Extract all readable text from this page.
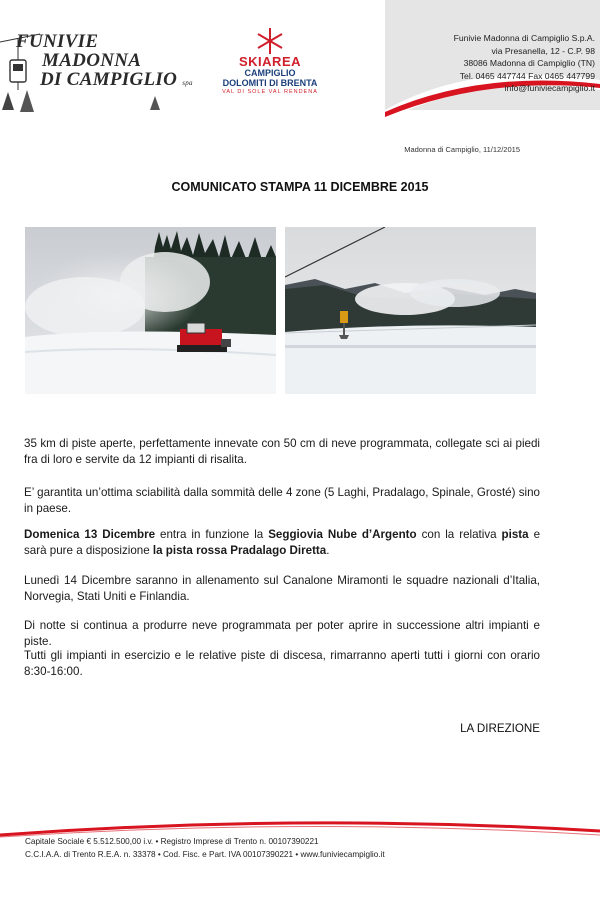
FUNIVIE
MADONNA
DI CAMPIGLIO spa
SKIAREA
CAMPIGLIO
DOLOMITI DI BRENTA
VAL DI SOLE VAL RENDENA
Funivie Madonna di Campiglio S.p.A.
via Presanella, 12 - C.P. 98
38086 Madonna di Campiglio (TN)
Tel. 0465 447744 Fax 0465 447799
info@funiviecampiglio.it
Madonna di Campiglio, 11/12/2015
COMUNICATO STAMPA 11 DICEMBRE 2015
35 km di piste aperte, perfettamente innevate con 50 cm di neve programmata, collegate sci ai piedi fra di loro e servite da 12 impianti di risalita.
E’ garantita un’ottima sciabilità dalla sommità delle 4 zone (5 Laghi, Pradalago, Spinale, Grosté) sino in paese.
Domenica 13 Dicembre entra in funzione la Seggiovia Nube d’Argento con la relativa pista e sarà pure a disposizione la pista rossa Pradalago Diretta.
Lunedì 14 Dicembre saranno in allenamento sul Canalone Miramonti le squadre nazionali d’Italia, Norvegia, Stati Uniti e Finlandia.
Di notte si continua a produrre neve programmata per poter aprire in successione altri impianti e piste.
Tutti gli impianti in esercizio e le relative piste di discesa, rimarranno aperti tutti i giorni con orario 8:30-16:00.
LA DIREZIONE
Capitale Sociale € 5.512.500,00 i.v. • Registro Imprese di Trento n. 00107390221
C.C.I.A.A. di Trento R.E.A. n. 33378 • Cod. Fisc. e Part. IVA 00107390221 • www.funiviecampiglio.it
